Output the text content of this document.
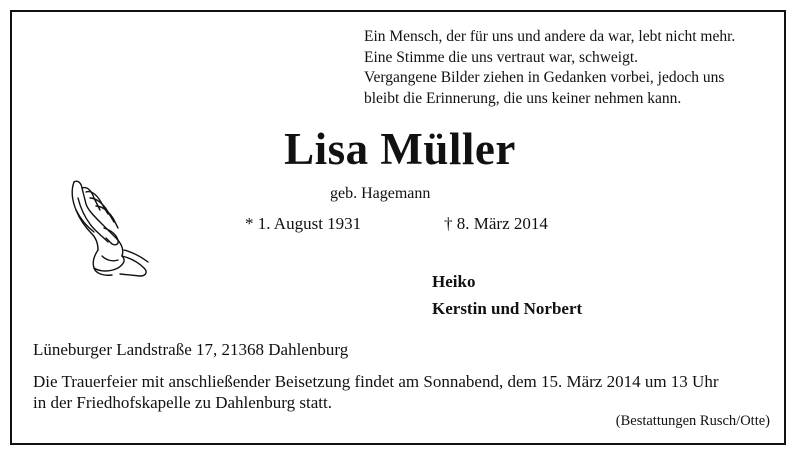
Ein Mensch, der für uns und andere da war, lebt nicht mehr.
Eine Stimme die uns vertraut war, schweigt.
Vergangene Bilder ziehen in Gedanken vorbei, jedoch uns
bleibt die Erinnerung, die uns keiner nehmen kann.
Lisa Müller
geb. Hagemann
* 1. August 1931	† 8. März 2014
Heiko
Kerstin und Norbert
Lüneburger Landstraße 17, 21368 Dahlenburg
Die Trauerfeier mit anschließender Beisetzung findet am Sonnabend, dem 15. März 2014 um 13 Uhr
in der Friedhofskapelle zu Dahlenburg statt.
(Bestattungen Rusch/Otte)
